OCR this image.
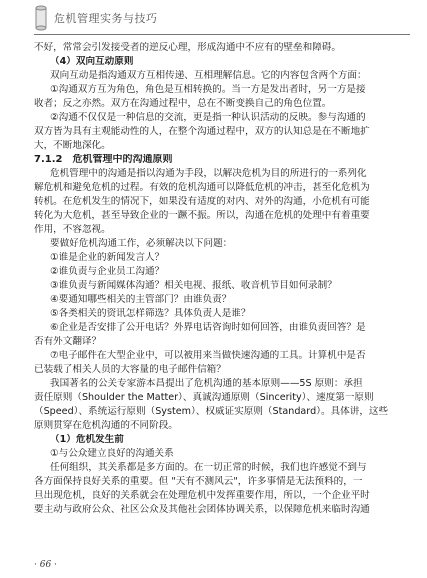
危机管理实务与技巧
不好，常常会引发接受者的逆反心理，形成沟通中不应有的壁垒和障碍。
（4）双向互动原则
双向互动是指沟通双方互相传递、互相理解信息。它的内容包含两个方面：
①沟通双方互为角色，角色是互相转换的。当一方是发出者时，另一方是接
收者；反之亦然。双方在沟通过程中，总在不断变换自己的角色位置。
②沟通不仅仅是一种信息的交流，更是指一种认识活动的反映。参与沟通的
双方皆为具有主观能动性的人，在整个沟通过程中，双方的认知总是在不断地扩
大，不断地深化。
7.1.2　危机管理中的沟通原则
危机管理中的沟通是指以沟通为手段，以解决危机为目的所进行的一系列化
解危机和避免危机的过程。有效的危机沟通可以降低危机的冲击，甚至化危机为
转机。在危机发生的情况下，如果没有适度的对内、对外的沟通，小危机有可能
转化为大危机，甚至导致企业的一蹶不振。所以，沟通在危机的处理中有着重要
作用，不容忽视。
要做好危机沟通工作，必须解决以下问题：
①谁是企业的新闻发言人？
②谁负责与企业员工沟通？
③谁负责与新闻媒体沟通？相关电视、报纸、收音机节目如何录制？
④要通知哪些相关的主管部门？由谁负责？
⑤各类相关的资讯怎样筛选？具体负责人是谁？
⑥企业是否安排了公开电话？外界电话咨询时如何回答，由谁负责回答？是
否有外文翻译？
⑦电子邮件在大型企业中，可以被用来当做快速沟通的工具。计算机中是否
已装载了相关人员的大容量的电子邮件信箱？
我国著名的公关专家游本昌提出了危机沟通的基本原则——5S 原则：承担
责任原则（Shoulder the Matter）、真诚沟通原则（Sincerity）、速度第一原则
（Speed）、系统运行原则（System）、权威证实原则（Standard）。具体讲，这些
原则贯穿在危机沟通的不同阶段。
（1）危机发生前
①与公众建立良好的沟通关系
任何组织，其关系都是多方面的。在一切正常的时候，我们也许感觉不到与
各方面保持良好关系的重要。但 "天有不测风云"，许多事情是无法预料的，一
旦出现危机，良好的关系就会在处理危机中发挥重要作用，所以，一个企业平时
要主动与政府公众、社区公众及其他社会团体协调关系，以保障危机来临时沟通
· 66 ·
